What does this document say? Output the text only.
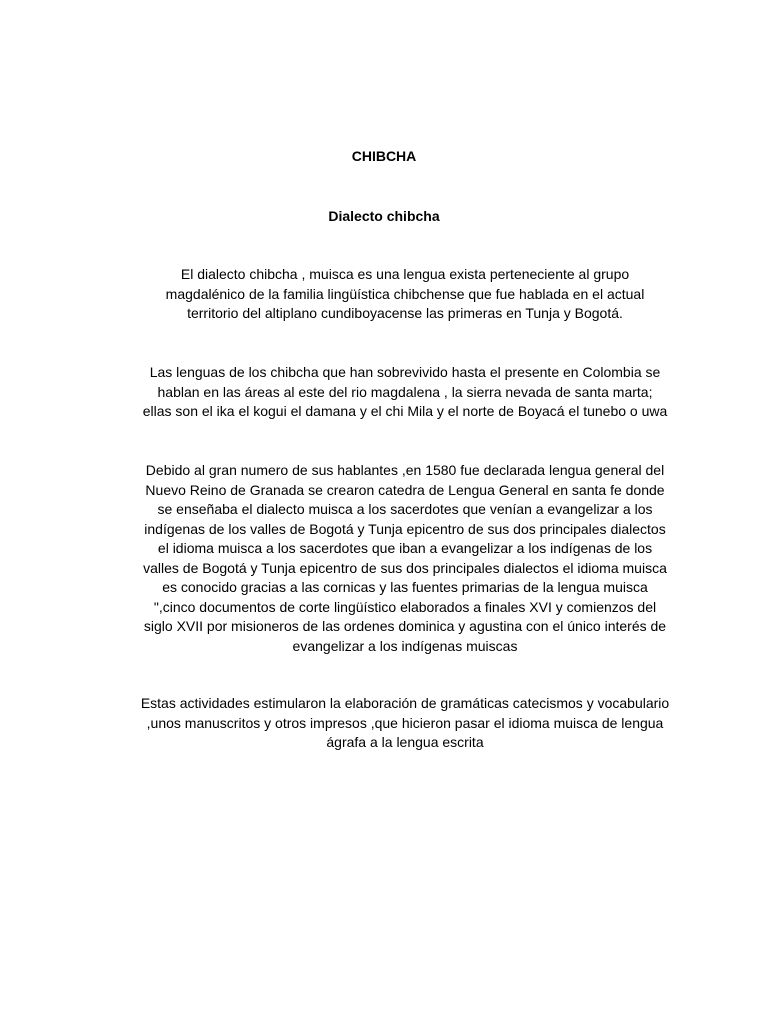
CHIBCHA
Dialecto chibcha

El dialecto chibcha , muisca es una lengua exista perteneciente al grupo
magdalénico de la familia lingüística chibchense que fue hablada en el actual
territorio del altiplano cundiboyacense las primeras en Tunja y Bogotá.

Las lenguas de los chibcha que han sobrevivido hasta el presente en Colombia se
hablan en las áreas al este del rio magdalena , la sierra nevada de santa marta;
ellas son el ika el kogui el damana y el chi Mila y el norte de Boyacá el tunebo o uwa

Debido al gran numero de sus hablantes ,en 1580 fue declarada lengua general del
Nuevo Reino de Granada se crearon catedra de Lengua General en santa fe donde
se enseñaba el dialecto muisca a los sacerdotes que venían a evangelizar a los
indígenas de los valles de Bogotá y Tunja epicentro de sus dos principales dialectos
el idioma muisca a los sacerdotes que iban a evangelizar a los indígenas de los
valles de Bogotá y Tunja epicentro de sus dos principales dialectos el idioma muisca
es conocido gracias a las cornicas y las fuentes primarias de la lengua muisca
",cinco documentos de corte lingüístico elaborados a finales XVI y comienzos del
siglo XVII por misioneros de las ordenes dominica y agustina con el único interés de
evangelizar a los indígenas muiscas

Estas actividades estimularon la elaboración de gramáticas catecismos y vocabulario
,unos manuscritos y otros impresos ,que hicieron pasar el idioma muisca de lengua
ágrafa a la lengua escrita
